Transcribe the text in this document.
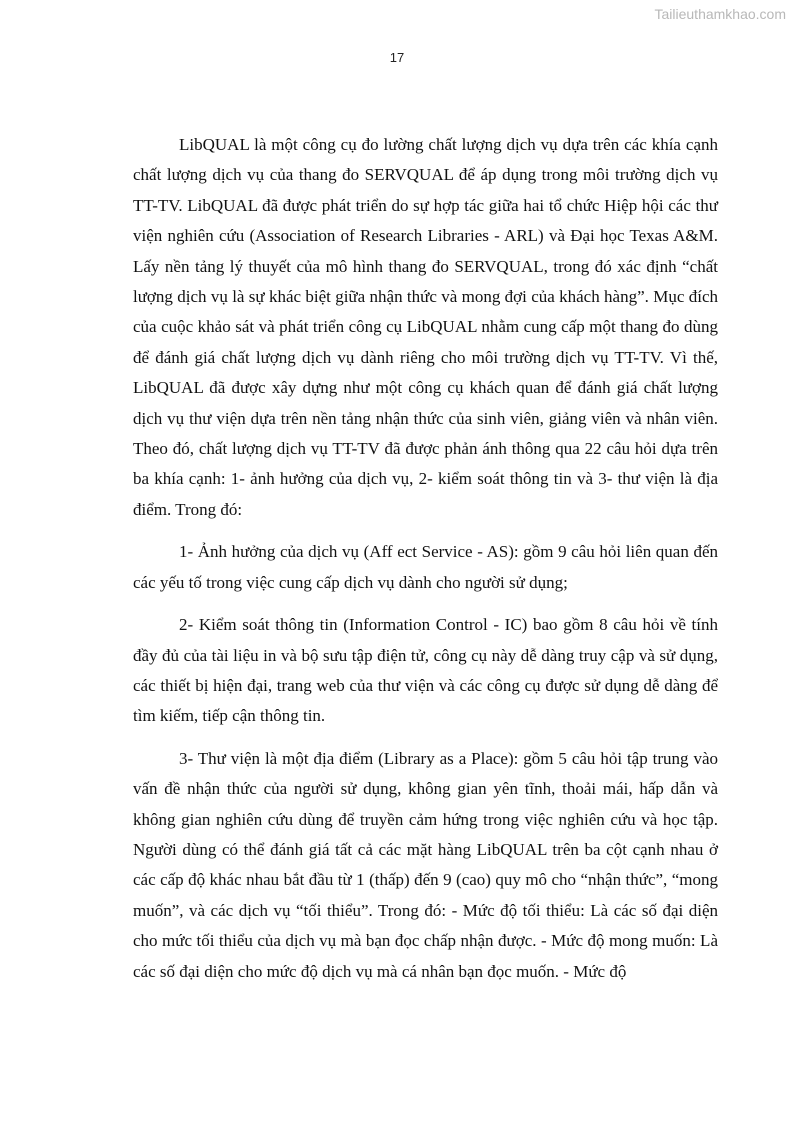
Tailieuthamkhao.com
17

LibQUAL là một công cụ đo lường chất lượng dịch vụ dựa trên các khía cạnh chất lượng dịch vụ của thang đo SERVQUAL để áp dụng trong môi trường dịch vụ TT-TV. LibQUAL đã được phát triển do sự hợp tác giữa hai tổ chức Hiệp hội các thư viện nghiên cứu (Association of Research Libraries - ARL) và Đại học Texas A&M. Lấy nền tảng lý thuyết của mô hình thang đo SERVQUAL, trong đó xác định “chất lượng dịch vụ là sự khác biệt giữa nhận thức và mong đợi của khách hàng”. Mục đích của cuộc khảo sát và phát triển công cụ LibQUAL nhằm cung cấp một thang đo dùng để đánh giá chất lượng dịch vụ dành riêng cho môi trường dịch vụ TT-TV. Vì thế, LibQUAL đã được xây dựng như một công cụ khách quan để đánh giá chất lượng dịch vụ thư viện dựa trên nền tảng nhận thức của sinh viên, giảng viên và nhân viên. Theo đó, chất lượng dịch vụ TT-TV đã được phản ánh thông qua 22 câu hỏi dựa trên ba khía cạnh: 1- ảnh hưởng của dịch vụ, 2- kiểm soát thông tin và 3- thư viện là địa điểm. Trong đó:

1- Ảnh hưởng của dịch vụ (Aff ect Service - AS): gồm 9 câu hỏi liên quan đến các yếu tố trong việc cung cấp dịch vụ dành cho người sử dụng;

2- Kiểm soát thông tin (Information Control - IC) bao gồm 8 câu hỏi về tính đầy đủ của tài liệu in và bộ sưu tập điện tử, công cụ này dễ dàng truy cập và sử dụng, các thiết bị hiện đại, trang web của thư viện và các công cụ được sử dụng dễ dàng để tìm kiếm, tiếp cận thông tin.

3- Thư viện là một địa điểm (Library as a Place): gồm 5 câu hỏi tập trung vào vấn đề nhận thức của người sử dụng, không gian yên tĩnh, thoải mái, hấp dẫn và không gian nghiên cứu dùng để truyền cảm hứng trong việc nghiên cứu và học tập. Người dùng có thể đánh giá tất cả các mặt hàng LibQUAL trên ba cột cạnh nhau ở các cấp độ khác nhau bắt đầu từ 1 (thấp) đến 9 (cao) quy mô cho “nhận thức”, “mong muốn”, và các dịch vụ “tối thiểu”. Trong đó: - Mức độ tối thiểu: Là các số đại diện cho mức tối thiểu của dịch vụ mà bạn đọc chấp nhận được. - Mức độ mong muốn: Là các số đại diện cho mức độ dịch vụ mà cá nhân bạn đọc muốn. - Mức độ
